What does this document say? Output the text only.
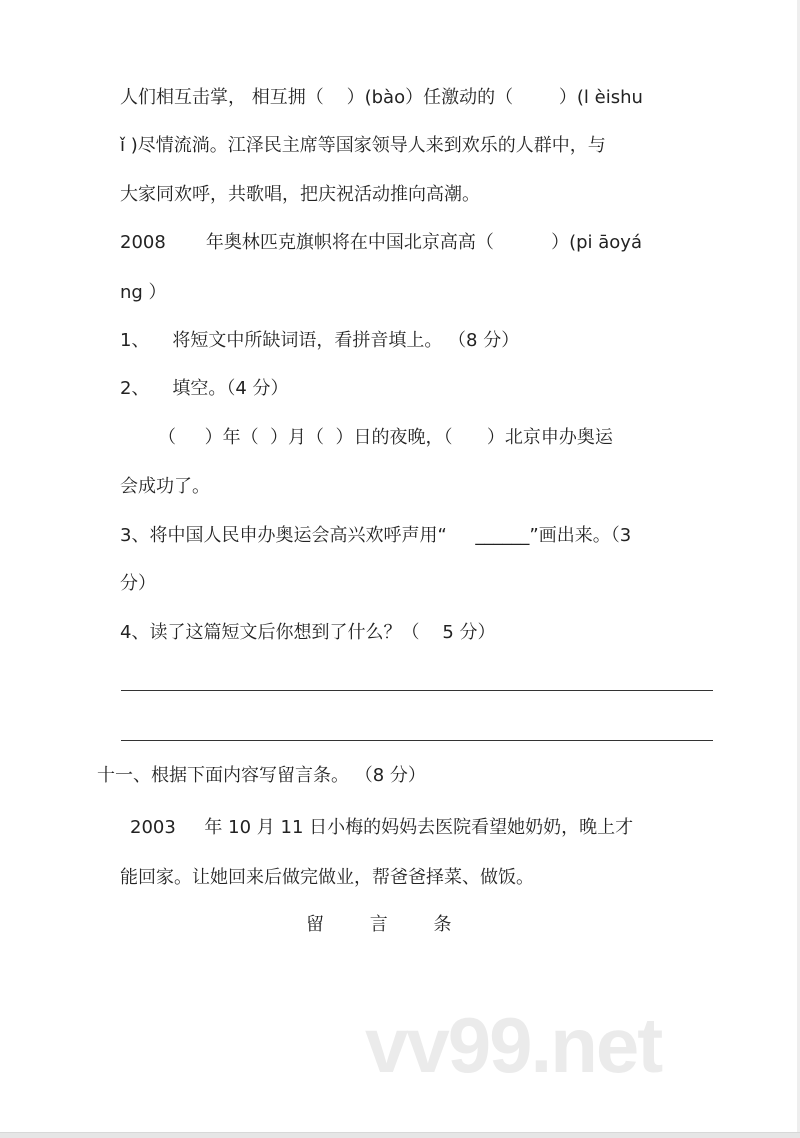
人们相互击掌， 相互拥（    ）(bào）任激动的（        ）(l èishu
ǐ )尽情流淌。江泽民主席等国家领导人来到欢乐的人群中，与
大家同欢呼，共歌唱，把庆祝活动推向高潮。
2008       年奥林匹克旗帜将在中国北京高高（          ）(pi āoyá
ng ）
1、    将短文中所缺词语，看拼音填上。 （8 分）
2、    填空。（4 分）
（     ）年（  ）月（  ）日的夜晚，（      ）北京申办奥运
会成功了。
3、将中国人民申办奥运会高兴欢呼声用“     ______”画出来。（3
分）
4、读了这篇短文后你想到了什么？（    5 分）
十一、根据下面内容写留言条。 （8 分）
2003     年 10 月 11 日小梅的妈妈去医院看望她奶奶，晚上才
能回家。让她回来后做完做业，帮爸爸择菜、做饭。
留        言        条
vv99.net
